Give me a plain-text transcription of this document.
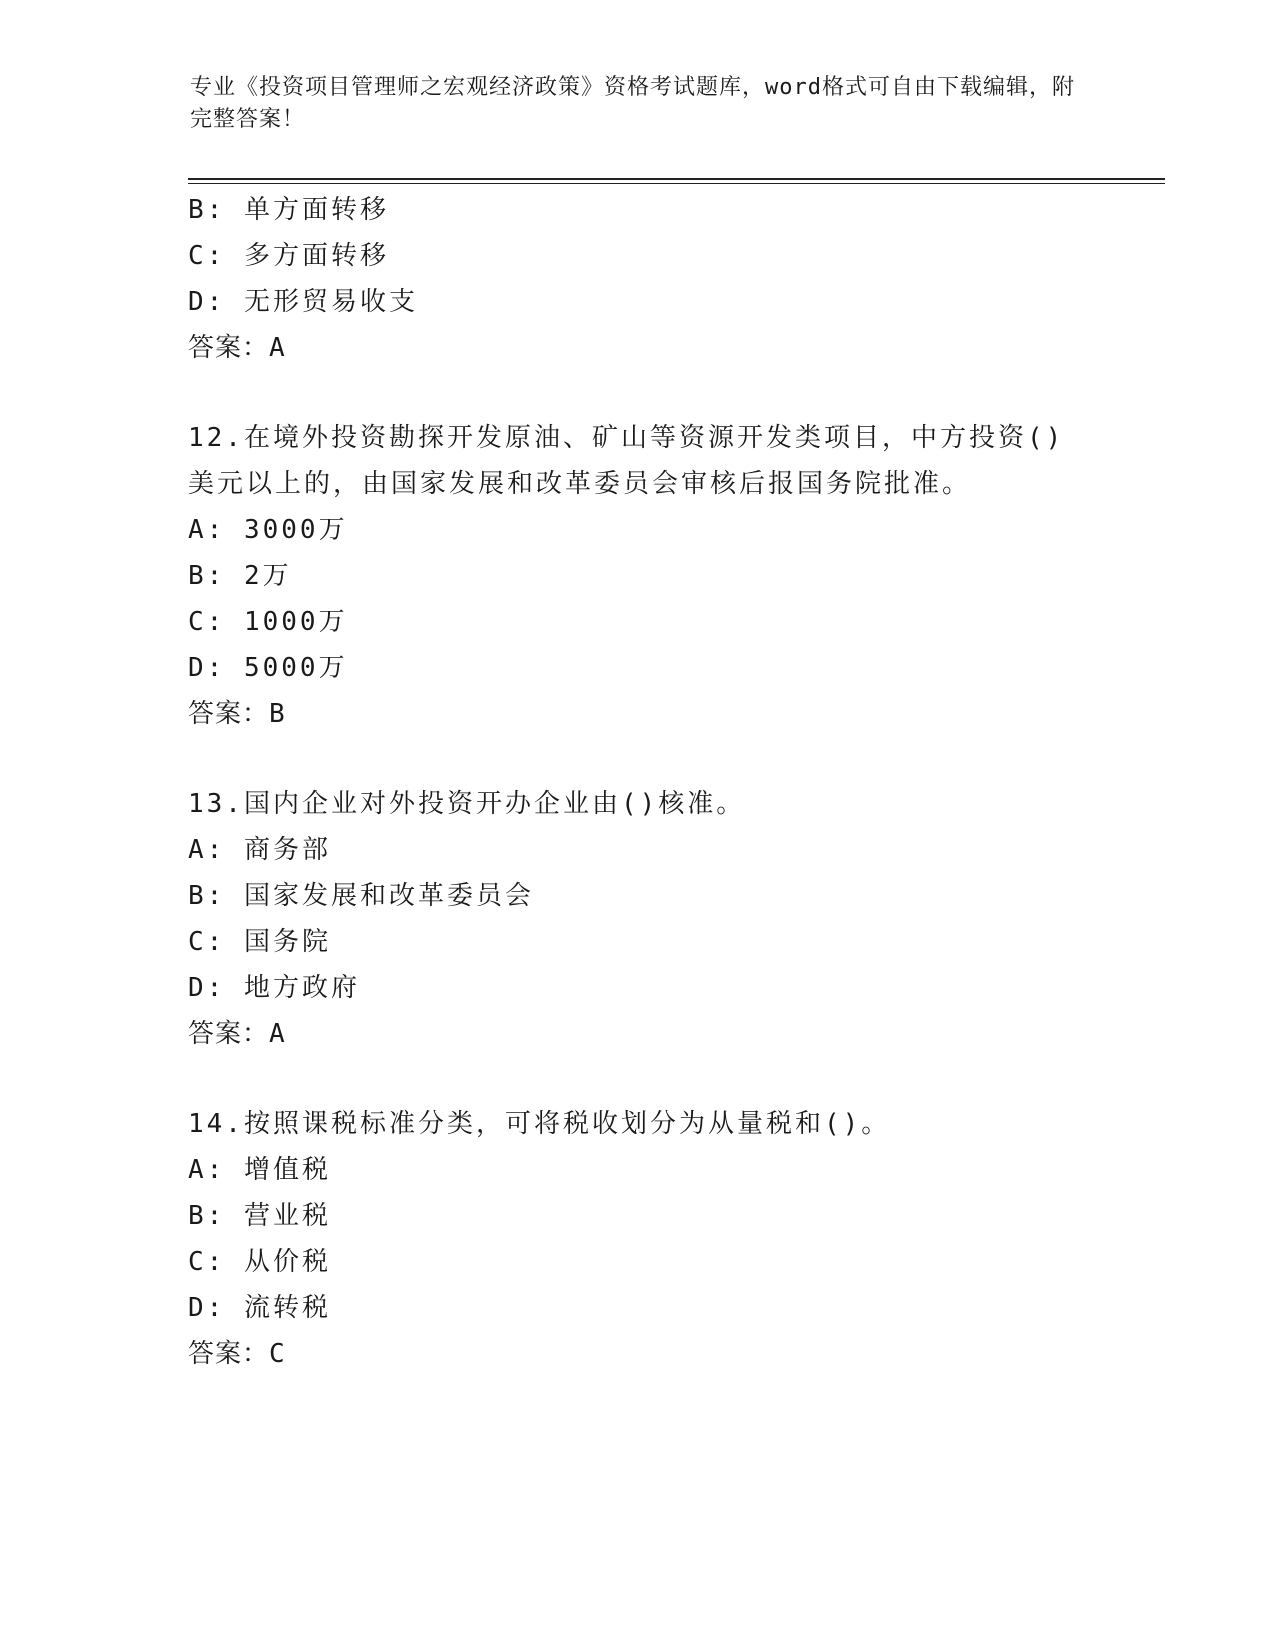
专业《投资项目管理师之宏观经济政策》资格考试题库，word格式可自由下载编辑，附完整答案！
B: 单方面转移
C: 多方面转移
D: 无形贸易收支
答案：A
12.在境外投资勘探开发原油、矿山等资源开发类项目，中方投资()美元以上的，由国家发展和改革委员会审核后报国务院批准。
A: 3000万
B: 2万
C: 1000万
D: 5000万
答案：B
13.国内企业对外投资开办企业由()核准。
A: 商务部
B: 国家发展和改革委员会
C: 国务院
D: 地方政府
答案：A
14.按照课税标准分类，可将税收划分为从量税和()。
A: 增值税
B: 营业税
C: 从价税
D: 流转税
答案：C
